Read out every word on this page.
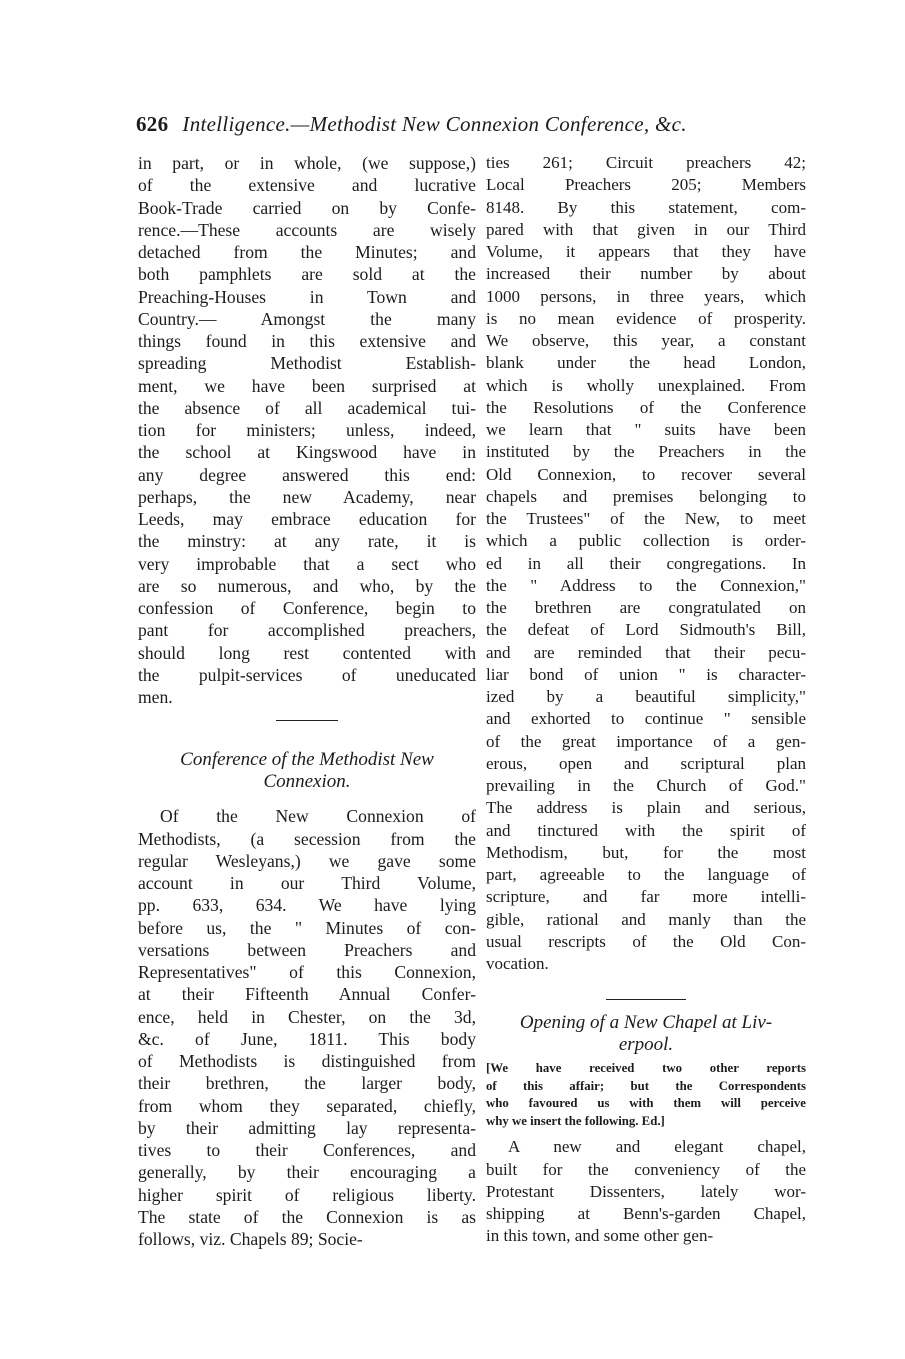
626 Intelligence.—Methodist New Connexion Conference, &c.
in part, or in whole, (we suppose,)
of the extensive and lucrative
Book-Trade carried on by Confe-
rence.—These accounts are wisely
detached from the Minutes; and
both pamphlets are sold at the
Preaching-Houses in Town and
Country.— Amongst the many
things found in this extensive and
spreading Methodist Establish-
ment, we have been surprised at
the absence of all academical tui-
tion for ministers; unless, indeed,
the school at Kingswood have in
any degree answered this end:
perhaps, the new Academy, near
Leeds, may embrace education for
the minstry: at any rate, it is
very improbable that a sect who
are so numerous, and who, by the
confession of Conference, begin to
pant for accomplished preachers,
should long rest contented with
the pulpit-services of uneducated
men.
Conference of the Methodist New
Connexion.
Of the New Connexion of
Methodists, (a secession from the
regular Wesleyans,) we gave some
account in our Third Volume,
pp. 633, 634. We have lying
before us, the " Minutes of con-
versations between Preachers and
Representatives" of this Connexion,
at their Fifteenth Annual Confer-
ence, held in Chester, on the 3d,
&c. of June, 1811. This body
of Methodists is distinguished from
their brethren, the larger body,
from whom they separated, chiefly,
by their admitting lay representa-
tives to their Conferences, and
generally, by their encouraging a
higher spirit of religious liberty.
The state of the Connexion is as
follows, viz. Chapels 89; Socie-
ties 261; Circuit preachers 42;
Local Preachers 205; Members
8148. By this statement, com-
pared with that given in our Third
Volume, it appears that they have
increased their number by about
1000 persons, in three years, which
is no mean evidence of prosperity.
We observe, this year, a constant
blank under the head London,
which is wholly unexplained. From
the Resolutions of the Conference
we learn that " suits have been
instituted by the Preachers in the
Old Connexion, to recover several
chapels and premises belonging to
the Trustees" of the New, to meet
which a public collection is order-
ed in all their congregations. In
the " Address to the Connexion,"
the brethren are congratulated on
the defeat of Lord Sidmouth's Bill,
and are reminded that their pecu-
liar bond of union " is character-
ized by a beautiful simplicity,"
and exhorted to continue " sensible
of the great importance of a gen-
erous, open and scriptural plan
prevailing in the Church of God."
The address is plain and serious,
and tinctured with the spirit of
Methodism, but, for the most
part, agreeable to the language of
scripture, and far more intelli-
gible, rational and manly than the
usual rescripts of the Old Con-
vocation.
Opening of a New Chapel at Liv-
erpool.
[We have received two other reports
of this affair; but the Correspondents
who favoured us with them will perceive
why we insert the following. Ed.]
A new and elegant chapel,
built for the conveniency of the
Protestant Dissenters, lately wor-
shipping at Benn's-garden Chapel,
in this town, and some other gen-
